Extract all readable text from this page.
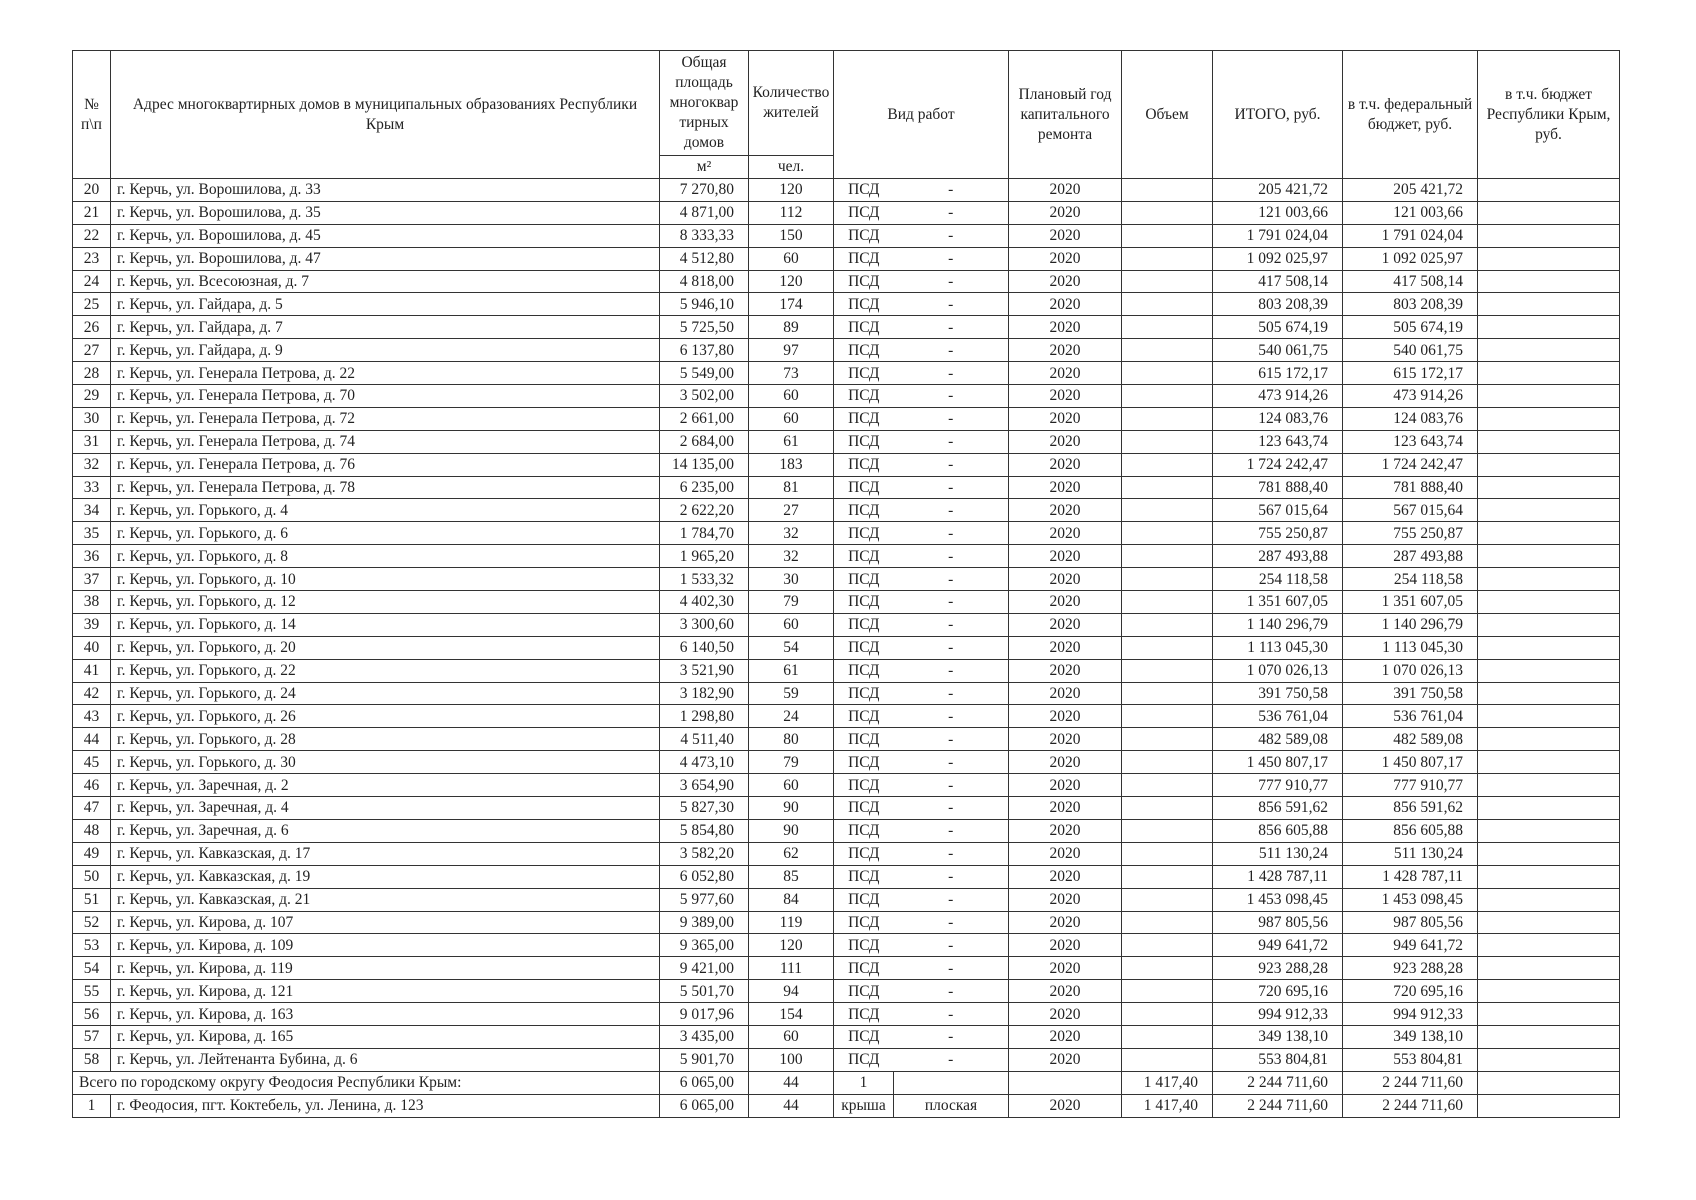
№ п\п	Адрес многоквартирных домов в муниципальных образованиях Республики Крым	Общая площадь многоквар тирных домов	Количество жителей	Вид работ		Плановый год капитального ремонта	Объем	ИТОГО, руб.	в т.ч. федеральный бюджет, руб.	в т.ч. бюджет Республики Крым, руб.
		м²	чел.							
20	г. Керчь, ул. Ворошилова, д. 33	7 270,80	120	ПСД	-	2020		205 421,72	205 421,72	
21	г. Керчь, ул. Ворошилова, д. 35	4 871,00	112	ПСД	-	2020		121 003,66	121 003,66	
22	г. Керчь, ул. Ворошилова, д. 45	8 333,33	150	ПСД	-	2020		1 791 024,04	1 791 024,04	
23	г. Керчь, ул. Ворошилова, д. 47	4 512,80	60	ПСД	-	2020		1 092 025,97	1 092 025,97	
24	г. Керчь, ул. Всесоюзная, д. 7	4 818,00	120	ПСД	-	2020		417 508,14	417 508,14	
25	г. Керчь, ул. Гайдара, д. 5	5 946,10	174	ПСД	-	2020		803 208,39	803 208,39	
26	г. Керчь, ул. Гайдара, д. 7	5 725,50	89	ПСД	-	2020		505 674,19	505 674,19	
27	г. Керчь, ул. Гайдара, д. 9	6 137,80	97	ПСД	-	2020		540 061,75	540 061,75	
28	г. Керчь, ул. Генерала Петрова, д. 22	5 549,00	73	ПСД	-	2020		615 172,17	615 172,17	
29	г. Керчь, ул. Генерала Петрова, д. 70	3 502,00	60	ПСД	-	2020		473 914,26	473 914,26	
30	г. Керчь, ул. Генерала Петрова, д. 72	2 661,00	60	ПСД	-	2020		124 083,76	124 083,76	
31	г. Керчь, ул. Генерала Петрова, д. 74	2 684,00	61	ПСД	-	2020		123 643,74	123 643,74	
32	г. Керчь, ул. Генерала Петрова, д. 76	14 135,00	183	ПСД	-	2020		1 724 242,47	1 724 242,47	
33	г. Керчь, ул. Генерала Петрова, д. 78	6 235,00	81	ПСД	-	2020		781 888,40	781 888,40	
34	г. Керчь, ул. Горького, д. 4	2 622,20	27	ПСД	-	2020		567 015,64	567 015,64	
35	г. Керчь, ул. Горького, д. 6	1 784,70	32	ПСД	-	2020		755 250,87	755 250,87	
36	г. Керчь, ул. Горького, д. 8	1 965,20	32	ПСД	-	2020		287 493,88	287 493,88	
37	г. Керчь, ул. Горького, д. 10	1 533,32	30	ПСД	-	2020		254 118,58	254 118,58	
38	г. Керчь, ул. Горького, д. 12	4 402,30	79	ПСД	-	2020		1 351 607,05	1 351 607,05	
39	г. Керчь, ул. Горького, д. 14	3 300,60	60	ПСД	-	2020		1 140 296,79	1 140 296,79	
40	г. Керчь, ул. Горького, д. 20	6 140,50	54	ПСД	-	2020		1 113 045,30	1 113 045,30	
41	г. Керчь, ул. Горького, д. 22	3 521,90	61	ПСД	-	2020		1 070 026,13	1 070 026,13	
42	г. Керчь, ул. Горького, д. 24	3 182,90	59	ПСД	-	2020		391 750,58	391 750,58	
43	г. Керчь, ул. Горького, д. 26	1 298,80	24	ПСД	-	2020		536 761,04	536 761,04	
44	г. Керчь, ул. Горького, д. 28	4 511,40	80	ПСД	-	2020		482 589,08	482 589,08	
45	г. Керчь, ул. Горького, д. 30	4 473,10	79	ПСД	-	2020		1 450 807,17	1 450 807,17	
46	г. Керчь, ул. Заречная, д. 2	3 654,90	60	ПСД	-	2020		777 910,77	777 910,77	
47	г. Керчь, ул. Заречная, д. 4	5 827,30	90	ПСД	-	2020		856 591,62	856 591,62	
48	г. Керчь, ул. Заречная, д. 6	5 854,80	90	ПСД	-	2020		856 605,88	856 605,88	
49	г. Керчь, ул. Кавказская, д. 17	3 582,20	62	ПСД	-	2020		511 130,24	511 130,24	
50	г. Керчь, ул. Кавказская, д. 19	6 052,80	85	ПСД	-	2020		1 428 787,11	1 428 787,11	
51	г. Керчь, ул. Кавказская, д. 21	5 977,60	84	ПСД	-	2020		1 453 098,45	1 453 098,45	
52	г. Керчь, ул. Кирова, д. 107	9 389,00	119	ПСД	-	2020		987 805,56	987 805,56	
53	г. Керчь, ул. Кирова, д. 109	9 365,00	120	ПСД	-	2020		949 641,72	949 641,72	
54	г. Керчь, ул. Кирова, д. 119	9 421,00	111	ПСД	-	2020		923 288,28	923 288,28	
55	г. Керчь, ул. Кирова, д. 121	5 501,70	94	ПСД	-	2020		720 695,16	720 695,16	
56	г. Керчь, ул. Кирова, д. 163	9 017,96	154	ПСД	-	2020		994 912,33	994 912,33	
57	г. Керчь, ул. Кирова, д. 165	3 435,00	60	ПСД	-	2020		349 138,10	349 138,10	
58	г. Керчь, ул. Лейтенанта Бубина, д. 6	5 901,70	100	ПСД	-	2020		553 804,81	553 804,81	
Всего по городскому округу Феодосия Республики Крым:		6 065,00	44	1			1 417,40	2 244 711,60	2 244 711,60	
1	г. Феодосия, пгт. Коктебель, ул. Ленина, д. 123	6 065,00	44	крыша	плоская	2020	1 417,40	2 244 711,60	2 244 711,60	
